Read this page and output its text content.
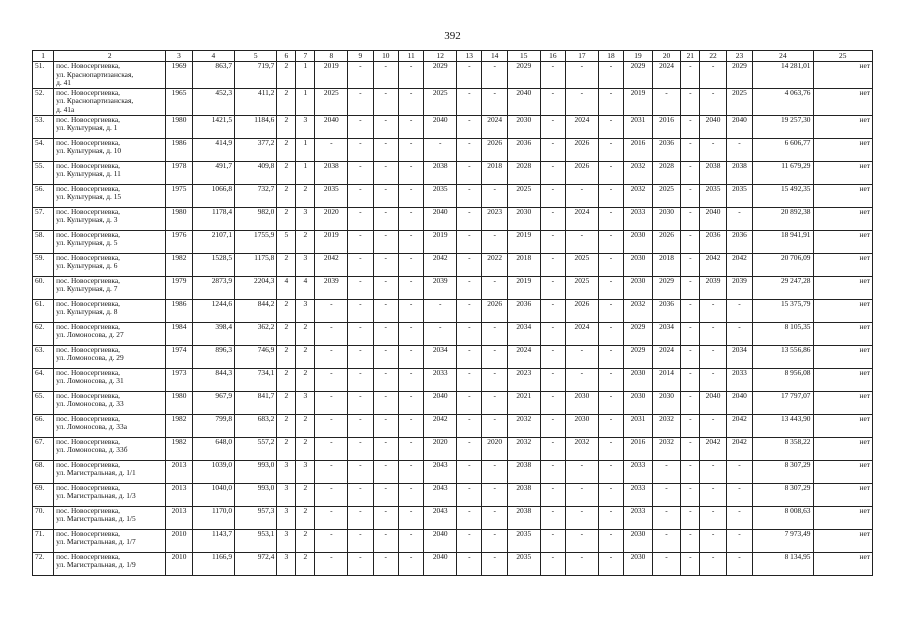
392
1	2	3	4	5	6	7	8	9	10	11	12	13	14	15	16	17	18	19	20	21	22	23	24	25
51.	пос. Новосергиевка,
ул. Краснопартизанская,
д. 41	1969	863,7	719,7	2	1	2019	-	-	-	2029	-	-	2029	-	-	-	2029	2024	-	-	2029	14 281,01	нет
52.	пос. Новосергиевка,
ул. Краснопартизанская,
д. 41а	1965	452,3	411,2	2	1	2025	-	-	-	2025	-	-	2040	-	-	-	2019	-	-	-	2025	4 063,76	нет
53.	пос. Новосергиевка,
ул. Культурная, д. 1	1980	1421,5	1184,6	2	3	2040	-	-	-	2040	-	2024	2030	-	2024	-	2031	2016	-	2040	2040	19 257,30	нет
54.	пос. Новосергиевка,
ул. Культурная, д. 10	1986	414,9	377,2	2	1	-	-	-	-	-	-	2026	2036	-	2026	-	2016	2036	-	-	-	6 606,77	нет
55.	пос. Новосергиевка,
ул. Культурная, д. 11	1978	491,7	409,8	2	1	2038	-	-	-	2038	-	2018	2028	-	2026	-	2032	2028	-	2038	2038	11 679,29	нет
56.	пос. Новосергиевка,
ул. Культурная, д. 15	1975	1066,8	732,7	2	2	2035	-	-	-	2035	-	-	2025	-	-	-	2032	2025	-	2035	2035	15 492,35	нет
57.	пос. Новосергиевка,
ул. Культурная, д. 3	1980	1178,4	982,0	2	3	2020	-	-	-	2040	-	2023	2030	-	2024	-	2033	2030	-	2040	-	20 892,38	нет
58.	пос. Новосергиевка,
ул. Культурная, д. 5	1976	2107,1	1755,9	5	2	2019	-	-	-	2019	-	-	2019	-	-	-	2030	2026	-	2036	2036	18 941,91	нет
59.	пос. Новосергиевка,
ул. Культурная, д. 6	1982	1528,5	1175,8	2	3	2042	-	-	-	2042	-	2022	2018	-	2025	-	2030	2018	-	2042	2042	20 706,09	нет
60.	пос. Новосергиевка,
ул. Культурная, д. 7	1979	2873,9	2204,3	4	4	2039	-	-	-	2039	-	-	2019	-	2025	-	2030	2029	-	2039	2039	29 247,28	нет
61.	пос. Новосергиевка,
ул. Культурная, д. 8	1986	1244,6	844,2	2	3	-	-	-	-	-	-	2026	2036	-	2026	-	2032	2036	-	-	-	15 375,79	нет
62.	пос. Новосергиевка,
ул. Ломоносова, д. 27	1984	398,4	362,2	2	2	-	-	-	-	-	-	-	2034	-	2024	-	2029	2034	-	-	-	8 105,35	нет
63.	пос. Новосергиевка,
ул. Ломоносова, д. 29	1974	896,3	746,9	2	2	-	-	-	-	2034	-	-	2024	-	-	-	2029	2024	-	-	2034	13 556,86	нет
64.	пос. Новосергиевка,
ул. Ломоносова, д. 31	1973	844,3	734,1	2	2	-	-	-	-	2033	-	-	2023	-	-	-	2030	2014	-	-	2033	8 956,08	нет
65.	пос. Новосергиевка,
ул. Ломоносова, д. 33	1980	967,9	841,7	2	3	-	-	-	-	2040	-	-	2021	-	2030	-	2030	2030	-	2040	2040	17 797,07	нет
66.	пос. Новосергиевка,
ул. Ломоносова, д. 33а	1982	799,8	683,2	2	2	-	-	-	-	2042	-	-	2032	-	2030	-	2031	2032	-	-	2042	13 443,90	нет
67.	пос. Новосергиевка,
ул. Ломоносова, д. 33б	1982	648,0	557,2	2	2	-	-	-	-	2020	-	2020	2032	-	2032	-	2016	2032	-	2042	2042	8 358,22	нет
68.	пос. Новосергиевка,
ул. Магистральная, д. 1/1	2013	1039,0	993,0	3	3	-	-	-	-	2043	-	-	2038	-	-	-	2033	-	-	-	-	8 307,29	нет
69.	пос. Новосергиевка,
ул. Магистральная, д. 1/3	2013	1040,0	993,0	3	2	-	-	-	-	2043	-	-	2038	-	-	-	2033	-	-	-	-	8 307,29	нет
70.	пос. Новосергиевка,
ул. Магистральная, д. 1/5	2013	1170,0	957,3	3	2	-	-	-	-	2043	-	-	2038	-	-	-	2033	-	-	-	-	8 008,63	нет
71.	пос. Новосергиевка,
ул. Магистральная, д. 1/7	2010	1143,7	953,1	3	2	-	-	-	-	2040	-	-	2035	-	-	-	2030	-	-	-	-	7 973,49	нет
72.	пос. Новосергиевка,
ул. Магистральная, д. 1/9	2010	1166,9	972,4	3	2	-	-	-	-	2040	-	-	2035	-	-	-	2030	-	-	-	-	8 134,95	нет
